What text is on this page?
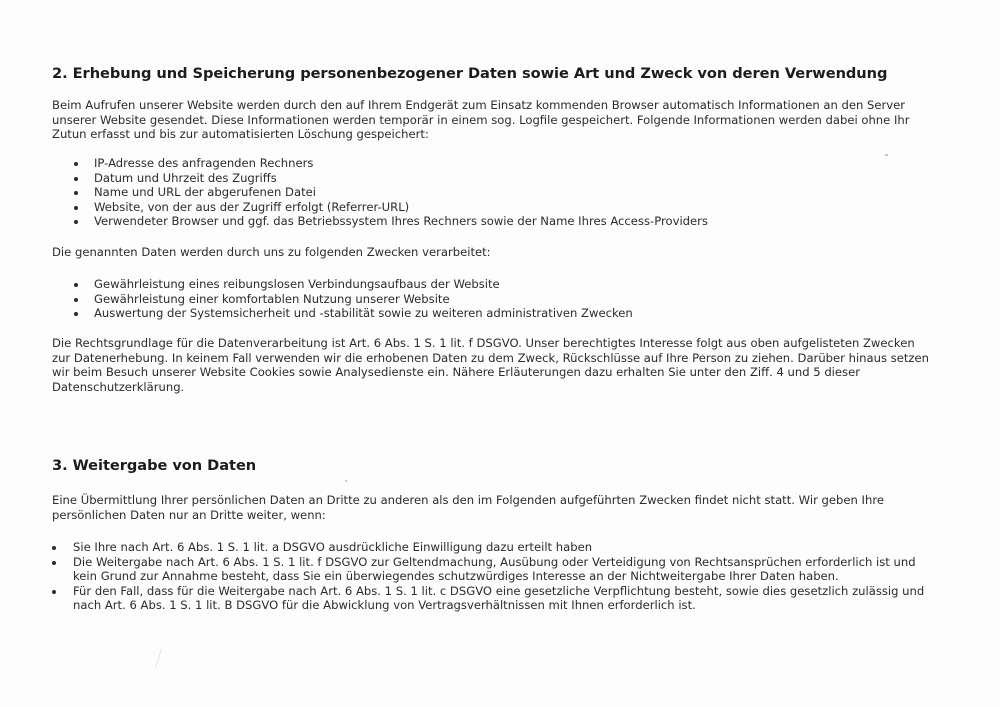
2. Erhebung und Speicherung personenbezogener Daten sowie Art und Zweck von deren Verwendung

Beim Aufrufen unserer Website werden durch den auf Ihrem Endgerät zum Einsatz kommenden Browser automatisch Informationen an den Server
unserer Website gesendet. Diese Informationen werden temporär in einem sog. Logfile gespeichert. Folgende Informationen werden dabei ohne Ihr
Zutun erfasst und bis zur automatisierten Löschung gespeichert:

IP-Adresse des anfragenden Rechners
Datum und Uhrzeit des Zugriffs
Name und URL der abgerufenen Datei
Website, von der aus der Zugriff erfolgt (Referrer-URL)
Verwendeter Browser und ggf. das Betriebssystem Ihres Rechners sowie der Name Ihres Access-Providers

Die genannten Daten werden durch uns zu folgenden Zwecken verarbeitet:

Gewährleistung eines reibungslosen Verbindungsaufbaus der Website
Gewährleistung einer komfortablen Nutzung unserer Website
Auswertung der Systemsicherheit und -stabilität sowie zu weiteren administrativen Zwecken

Die Rechtsgrundlage für die Datenverarbeitung ist Art. 6 Abs. 1 S. 1 lit. f DSGVO. Unser berechtigtes Interesse folgt aus oben aufgelisteten Zwecken
zur Datenerhebung. In keinem Fall verwenden wir die erhobenen Daten zu dem Zweck, Rückschlüsse auf Ihre Person zu ziehen. Darüber hinaus setzen
wir beim Besuch unserer Website Cookies sowie Analysedienste ein. Nähere Erläuterungen dazu erhalten Sie unter den Ziff. 4 und 5 dieser
Datenschutzerklärung.

3. Weitergabe von Daten

Eine Übermittlung Ihrer persönlichen Daten an Dritte zu anderen als den im Folgenden aufgeführten Zwecken findet nicht statt. Wir geben Ihre
persönlichen Daten nur an Dritte weiter, wenn:

Sie Ihre nach Art. 6 Abs. 1 S. 1 lit. a DSGVO ausdrückliche Einwilligung dazu erteilt haben
Die Weitergabe nach Art. 6 Abs. 1 S. 1 lit. f DSGVO zur Geltendmachung, Ausübung oder Verteidigung von Rechtsansprüchen erforderlich ist und
kein Grund zur Annahme besteht, dass Sie ein überwiegendes schutzwürdiges Interesse an der Nichtweitergabe Ihrer Daten haben.
Für den Fall, dass für die Weitergabe nach Art. 6 Abs. 1 S. 1 lit. c DSGVO eine gesetzliche Verpflichtung besteht, sowie dies gesetzlich zulässig und
nach Art. 6 Abs. 1 S. 1 lit. B DSGVO für die Abwicklung von Vertragsverhältnissen mit Ihnen erforderlich ist.
